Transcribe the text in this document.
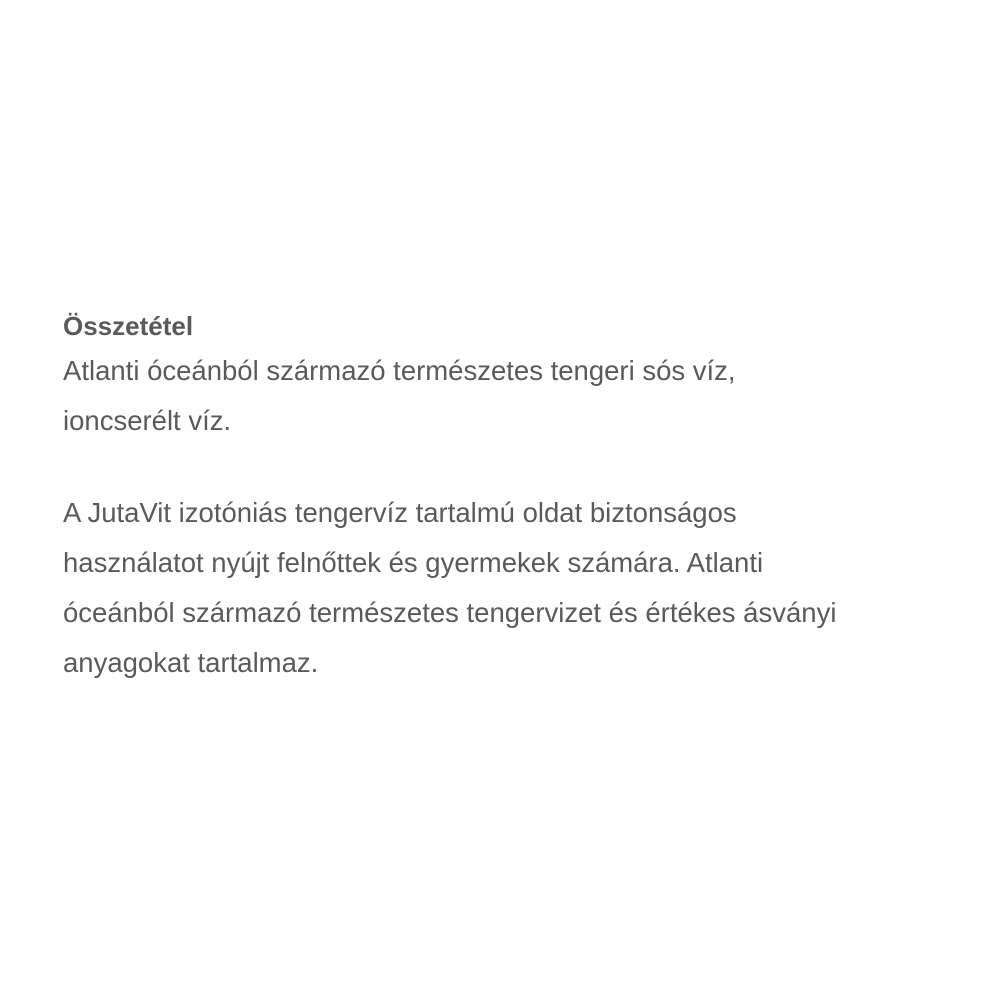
Összetétel

Atlanti óceánból származó természetes tengeri sós víz,

ioncserélt víz.

A JutaVit izotóniás tengervíz tartalmú oldat biztonságos

használatot nyújt felnőttek és gyermekek számára. Atlanti

óceánból származó természetes tengervizet és értékes ásványi

anyagokat tartalmaz.
